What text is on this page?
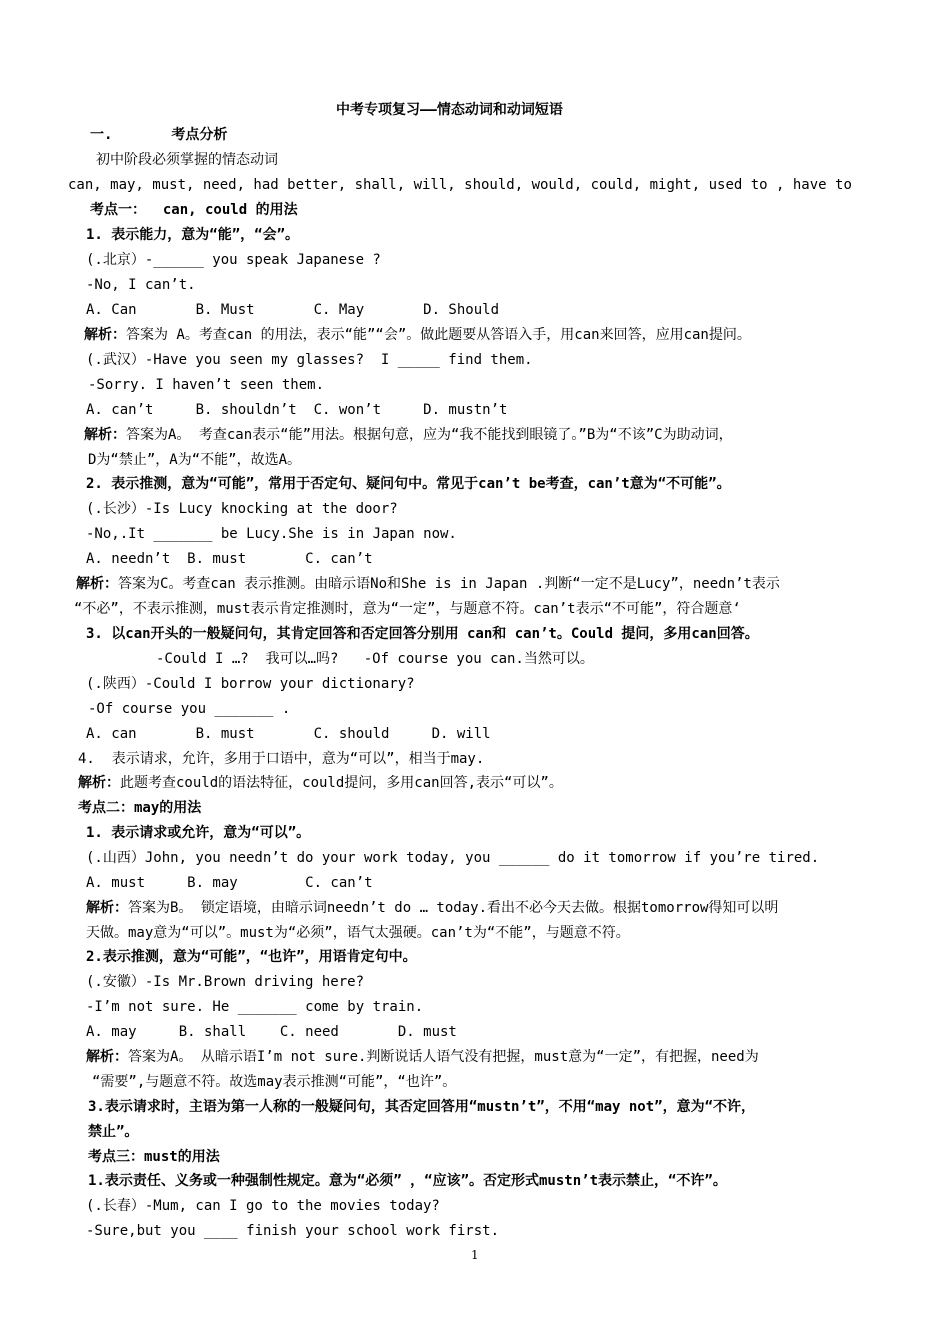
中考专项复习——情态动词和动词短语
一.       考点分析
初中阶段必须掌握的情态动词
can, may, must, need, had better, shall, will, should, would, could, might, used to , have to
考点一：  can, could 的用法
1. 表示能力，意为“能”，“会”。
(.北京）-______ you speak Japanese ?
-No, I can’t.
A. Can       B. Must       C. May       D. Should
解析：答案为 A。考查can 的用法，表示“能”“会”。做此题要从答语入手，用can来回答，应用can提问。
(.武汉）-Have you seen my glasses?  I _____ find them.
-Sorry. I haven’t seen them.
A. can’t     B. shouldn’t  C. won’t     D. mustn’t
解析：答案为A。 考查can表示“能”用法。根据句意，应为“我不能找到眼镜了。”B为“不该”C为助动词，
D为“禁止”，A为“不能”，故选A。
2. 表示推测，意为“可能”，常用于否定句、疑问句中。常见于can’t be考查，can’t意为“不可能”。
(.长沙）-Is Lucy knocking at the door?
-No,.It _______ be Lucy.She is in Japan now.
A. needn’t  B. must       C. can’t
解析：答案为C。考查can 表示推测。由暗示语No和She is in Japan .判断“一定不是Lucy”，needn’t表示
“不必”，不表示推测，must表示肯定推测时，意为“一定”，与题意不符。can’t表示“不可能”，符合题意‘
3. 以can开头的一般疑问句，其肯定回答和否定回答分别用 can和 can’t。Could 提问，多用can回答。
-Could I …?  我可以…吗?   -Of course you can.当然可以。
(.陕西）-Could I borrow your dictionary?
-Of course you _______ .
A. can       B. must       C. should     D. will
4.  表示请求，允许，多用于口语中，意为“可以”，相当于may.
解析：此题考查could的语法特征，could提问，多用can回答,表示“可以”。
考点二：may的用法
1. 表示请求或允许，意为“可以”。
(.山西）John, you needn’t do your work today, you ______ do it tomorrow if you’re tired.
A. must     B. may        C. can’t
解析：答案为B。 锁定语境，由暗示词needn’t do … today.看出不必今天去做。根据tomorrow得知可以明
天做。may意为“可以”。must为“必须”，语气太强硬。can’t为“不能”，与题意不符。
2.表示推测，意为“可能”，“也许”，用语肯定句中。
(.安徽）-Is Mr.Brown driving here?
-I’m not sure. He _______ come by train.
A. may     B. shall    C. need       D. must
解析：答案为A。 从暗示语I’m not sure.判断说话人语气没有把握，must意为“一定”，有把握，need为
“需要”,与题意不符。故选may表示推测“可能”，“也许”。
3.表示请求时，主语为第一人称的一般疑问句，其否定回答用“mustn’t”，不用“may not”，意为“不许，
禁止”。
考点三：must的用法
1.表示责任、义务或一种强制性规定。意为“必须” ，“应该”。否定形式mustn’t表示禁止，“不许”。
(.长春）-Mum, can I go to the movies today?
-Sure,but you ____ finish your school work first.
1
